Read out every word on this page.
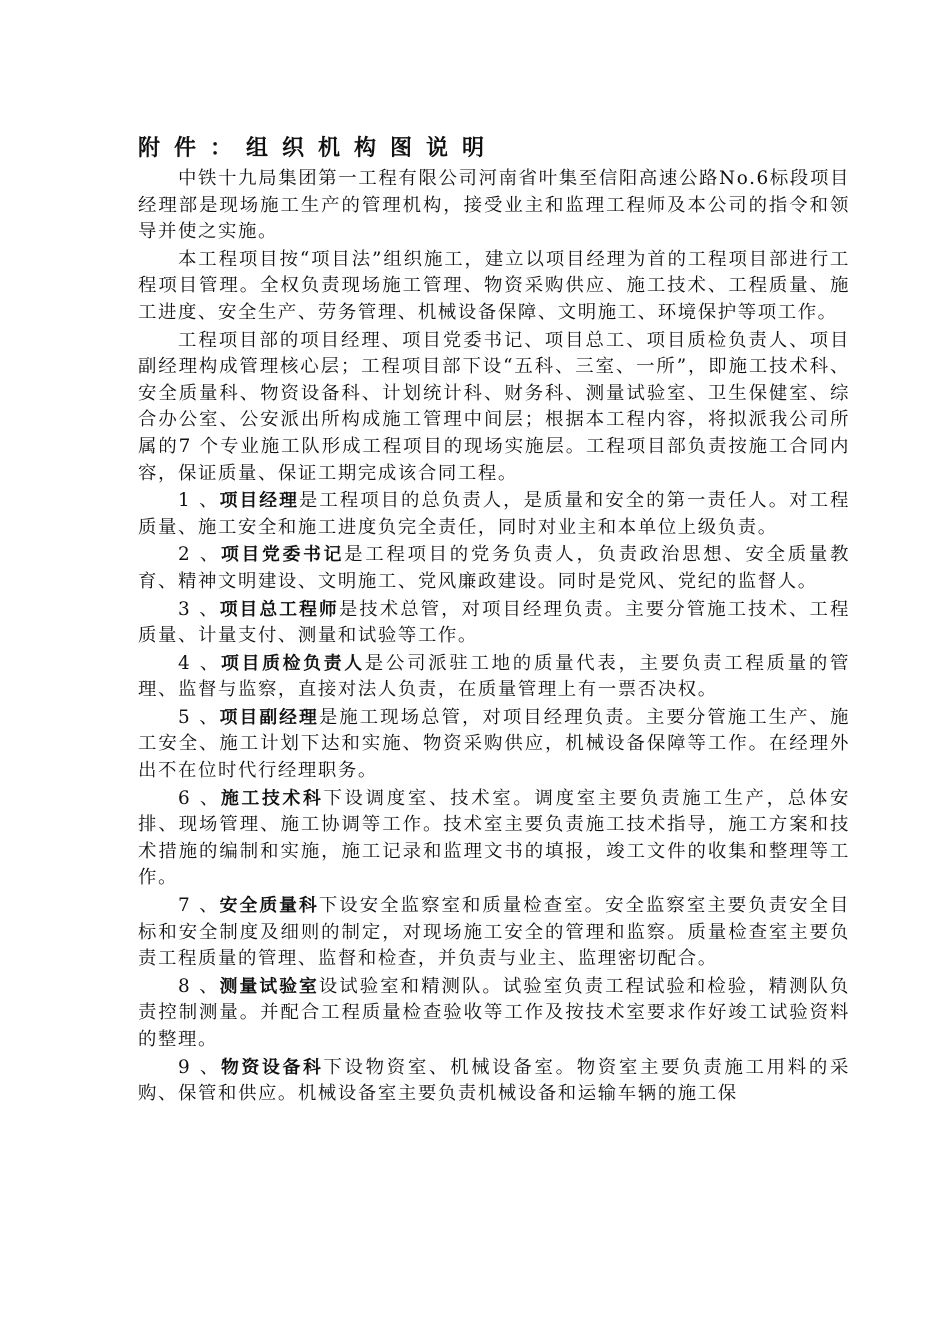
附件：组织机构图说明

中铁十九局集团第一工程有限公司河南省叶集至信阳高速公路No.6标段项目经理部是现场施工生产的管理机构，接受业主和监理工程师及本公司的指令和领导并使之实施。

本工程项目按“项目法”组织施工，建立以项目经理为首的工程项目部进行工程项目管理。全权负责现场施工管理、物资采购供应、施工技术、工程质量、施工进度、安全生产、劳务管理、机械设备保障、文明施工、环境保护等项工作。

工程项目部的项目经理、项目党委书记、项目总工、项目质检负责人、项目副经理构成管理核心层；工程项目部下设“五科、三室、一所”，即施工技术科、安全质量科、物资设备科、计划统计科、财务科、测量试验室、卫生保健室、综合办公室、公安派出所构成施工管理中间层；根据本工程内容，将拟派我公司所属的7 个专业施工队形成工程项目的现场实施层。工程项目部负责按施工合同内容，保证质量、保证工期完成该合同工程。

1 、项目经理是工程项目的总负责人，是质量和安全的第一责任人。对工程质量、施工安全和施工进度负完全责任，同时对业主和本单位上级负责。

2 、项目党委书记是工程项目的党务负责人，负责政治思想、安全质量教育、精神文明建设、文明施工、党风廉政建设。同时是党风、党纪的监督人。

3 、项目总工程师是技术总管，对项目经理负责。主要分管施工技术、工程质量、计量支付、测量和试验等工作。

4 、项目质检负责人是公司派驻工地的质量代表，主要负责工程质量的管理、监督与监察，直接对法人负责，在质量管理上有一票否决权。

5 、项目副经理是施工现场总管，对项目经理负责。主要分管施工生产、施工安全、施工计划下达和实施、物资采购供应，机械设备保障等工作。在经理外出不在位时代行经理职务。

6 、施工技术科下设调度室、技术室。调度室主要负责施工生产，总体安排、现场管理、施工协调等工作。技术室主要负责施工技术指导，施工方案和技术措施的编制和实施，施工记录和监理文书的填报，竣工文件的收集和整理等工作。

7 、安全质量科下设安全监察室和质量检查室。安全监察室主要负责安全目标和安全制度及细则的制定，对现场施工安全的管理和监察。质量检查室主要负责工程质量的管理、监督和检查，并负责与业主、监理密切配合。

8 、测量试验室设试验室和精测队。试验室负责工程试验和检验，精测队负责控制测量。并配合工程质量检查验收等工作及按技术室要求作好竣工试验资料的整理。

9 、物资设备科下设物资室、机械设备室。物资室主要负责施工用料的采购、保管和供应。机械设备室主要负责机械设备和运输车辆的施工保
